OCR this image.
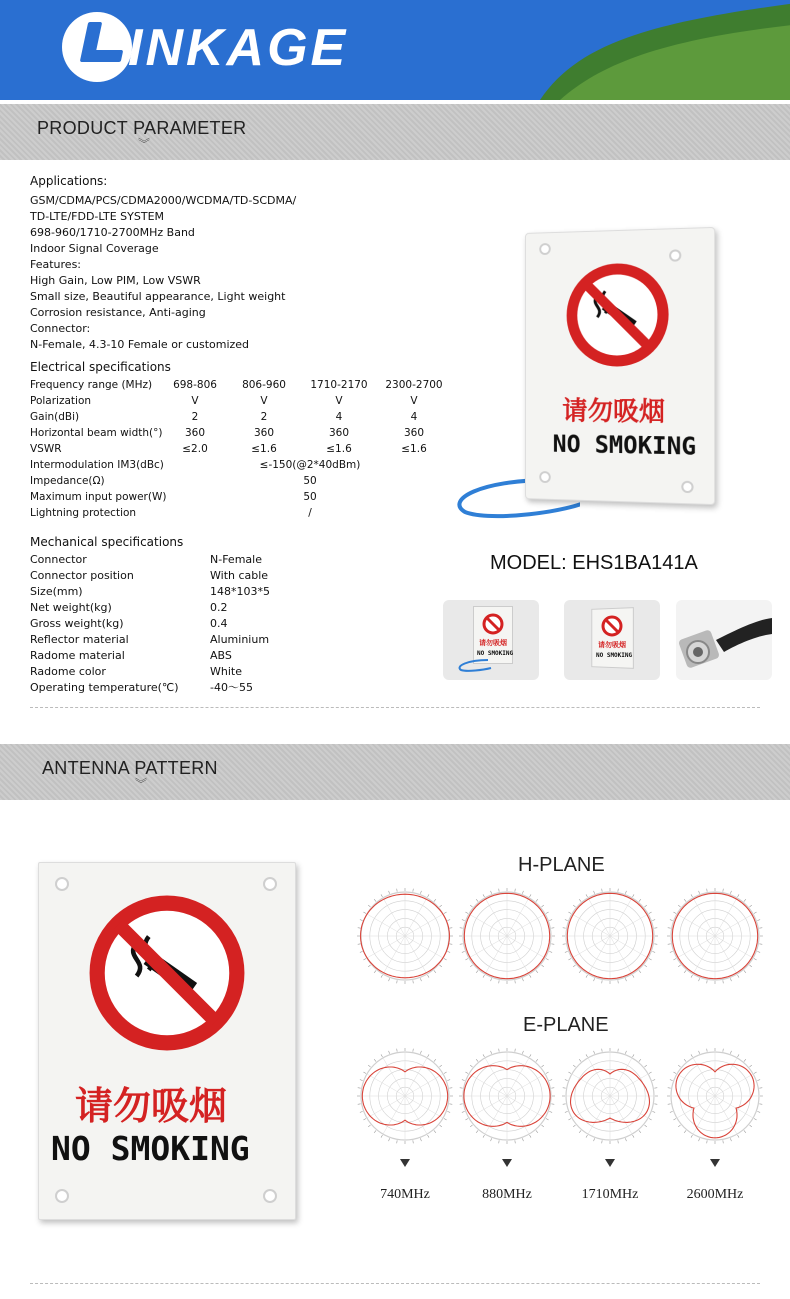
INKAGE
PRODUCT PARAMETER
︾
Applications:
GSM/CDMA/PCS/CDMA2000/WCDMA/TD-SCDMA/
TD-LTE/FDD-LTE SYSTEM
698-960/1710-2700MHz Band
Indoor Signal Coverage
Features:
High Gain, Low PIM, Low VSWR
Small size, Beautiful appearance, Light weight
Corrosion resistance, Anti-aging
Connector:
N-Female, 4.3-10 Female or customized
Electrical specifications
Frequency range (MHz)	698-806	806-960	1710-2170	2300-2700
Polarization	V	V	V	V
Gain(dBi)	2	2	4	4
Horizontal beam width(°)	360	360	360	360
VSWR	≤2.0	≤1.6	≤1.6	≤1.6
Intermodulation IM3(dBc)	≤-150(@2*40dBm)
Impedance(Ω)	50
Maximum input power(W)	50
Lightning protection	/
Mechanical specifications
Connector	N-Female
Connector position	With cable
Size(mm)	148*103*5
Net weight(kg)	0.2
Gross weight(kg)	0.4
Reflector material	Aluminium
Radome material	ABS
Radome color	White
Operating temperature(℃)	-40～55
请勿吸烟
NO SMOKING
MODEL: EHS1BA141A
请勿吸烟
NO SMOKING
请勿吸烟
NO SMOKING
ANTENNA PATTERN
︾
请勿吸烟
NO SMOKING
H-PLANE
E-PLANE
740MHz	880MHz	1710MHz	2600MHz
